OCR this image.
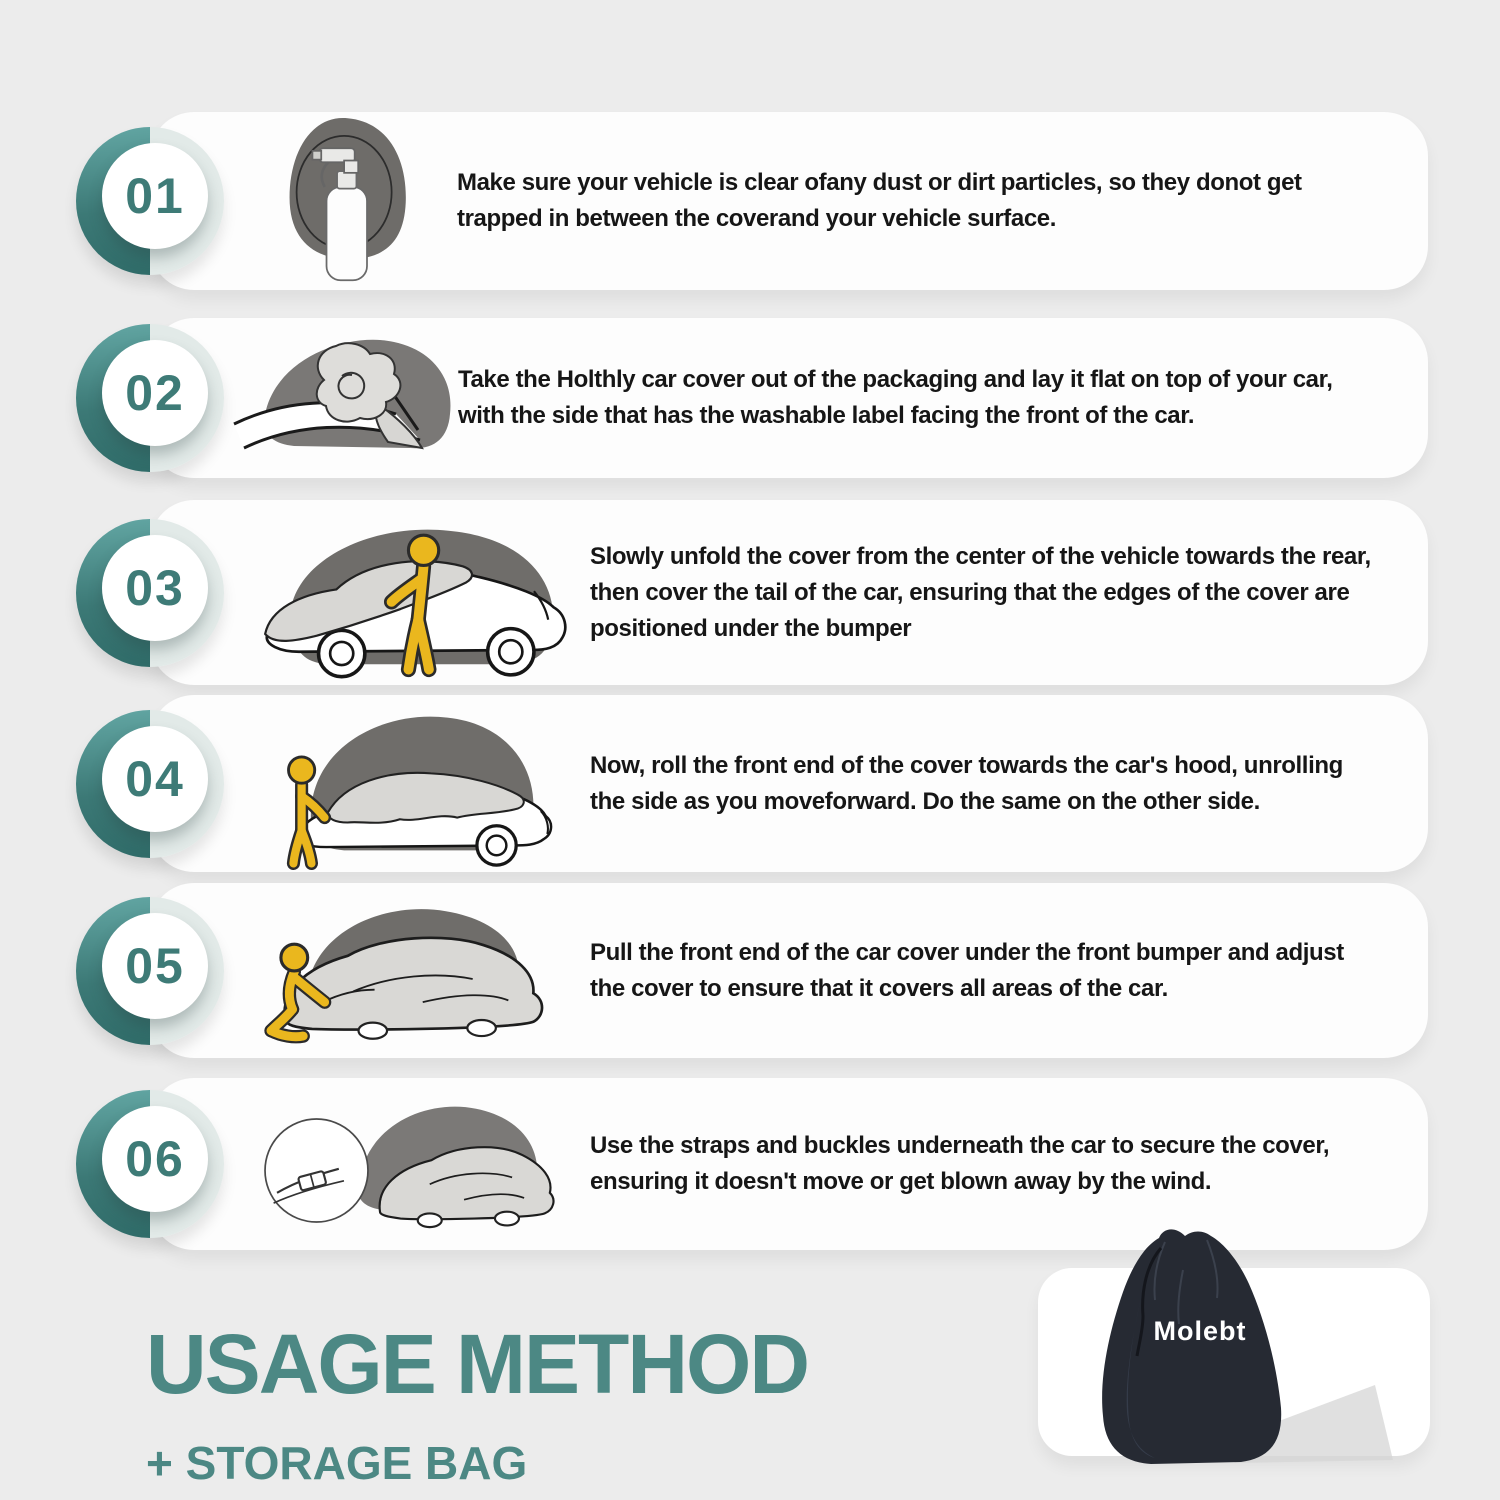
01	Make sure your vehicle is clear ofany dust or dirt particles, so they donot get trapped in between the coverand your vehicle surface.

02	Take the Holthly car cover out of the packaging and lay it flat on top of your car, with the side that has the washable label facing the front of the car.

03

Slowly unfold the cover from the center of the vehicle towards the rear, then cover the tail of the car, ensuring that the edges of the cover are positioned under the bumper

04	Now, roll the front end of the cover towards the car's hood, unrolling the side as you moveforward. Do the same on the other side.

05	Pull the front end of the car cover under the front bumper and adjust the cover to ensure that it covers all areas of the car.

06	Use the straps and buckles underneath the car to secure the cover, ensuring it doesn't move or get blown away by the wind.

USAGE METHOD
+ STORAGE BAG
Molebt
